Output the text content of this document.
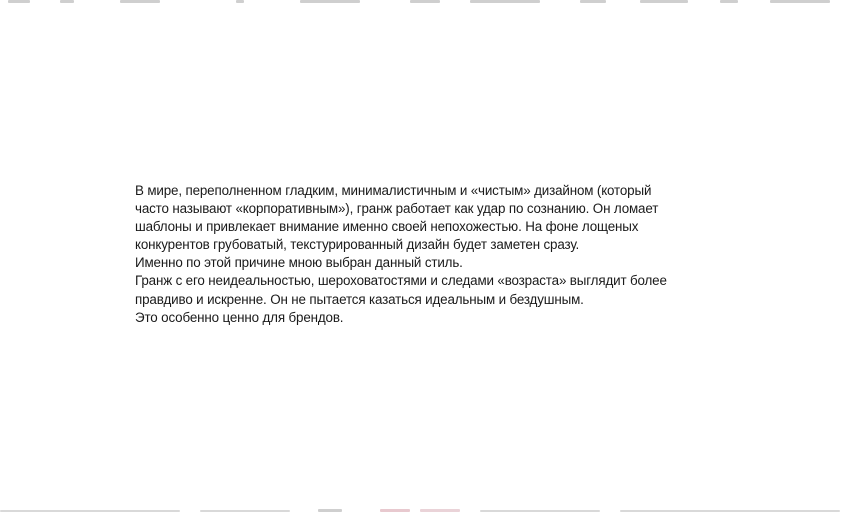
В мире, переполненном гладким, минималистичным и «чистым» дизайном (который
часто называют «корпоративным»), гранж работает как удар по сознанию. Он ломает
шаблоны и привлекает внимание именно своей непохожестью. На фоне лощеных
конкурентов грубоватый, текстурированный дизайн будет заметен сразу.
Именно по этой причине мною выбран данный стиль.
Гранж с его неидеальностью, шероховатостями и следами «возраста» выглядит более
правдиво и искренне. Он не пытается казаться идеальным и бездушным.
Это особенно ценно для брендов.
